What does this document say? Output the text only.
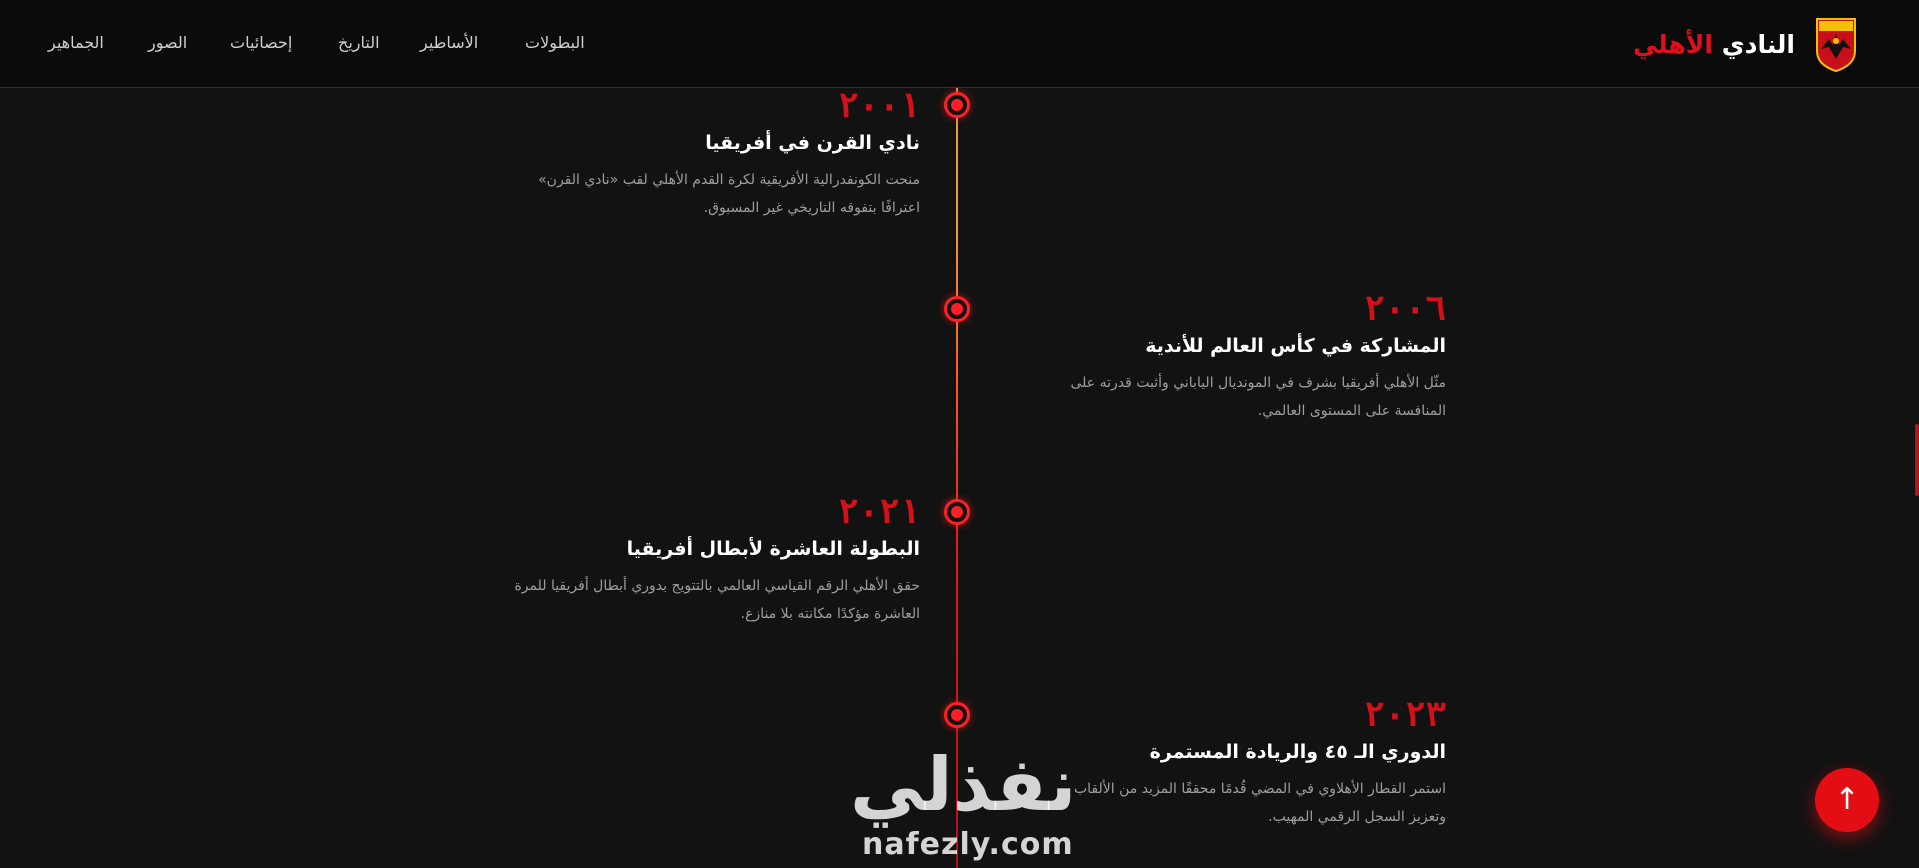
النادي الأهلي
البطولات
الأساطير
التاريخ
إحصائيات
الصور
الجماهير
٢٠٠١
نادي القرن في أفريقيا
منحت الكونفدرالية الأفريقية لكرة القدم الأهلي لقب «نادي القرن»
اعترافًا بتفوقه التاريخي غير المسبوق.
٢٠٠٦
المشاركة في كأس العالم للأندية
مثّل الأهلي أفريقيا بشرف في المونديال الياباني وأثبت قدرته على
المنافسة على المستوى العالمي.
٢٠٢١
البطولة العاشرة لأبطال أفريقيا
حقق الأهلي الرقم القياسي العالمي بالتتويج بدوري أبطال أفريقيا للمرة
العاشرة مؤكدًا مكانته بلا منازع.
٢٠٢٣
الدوري الـ ٤٥ والريادة المستمرة
استمر القطار الأهلاوي في المضي قُدمًا محققًا المزيد من الألقاب
وتعزيز السجل الرقمي المهيب.
نفذلي
nafezly.com
↑
